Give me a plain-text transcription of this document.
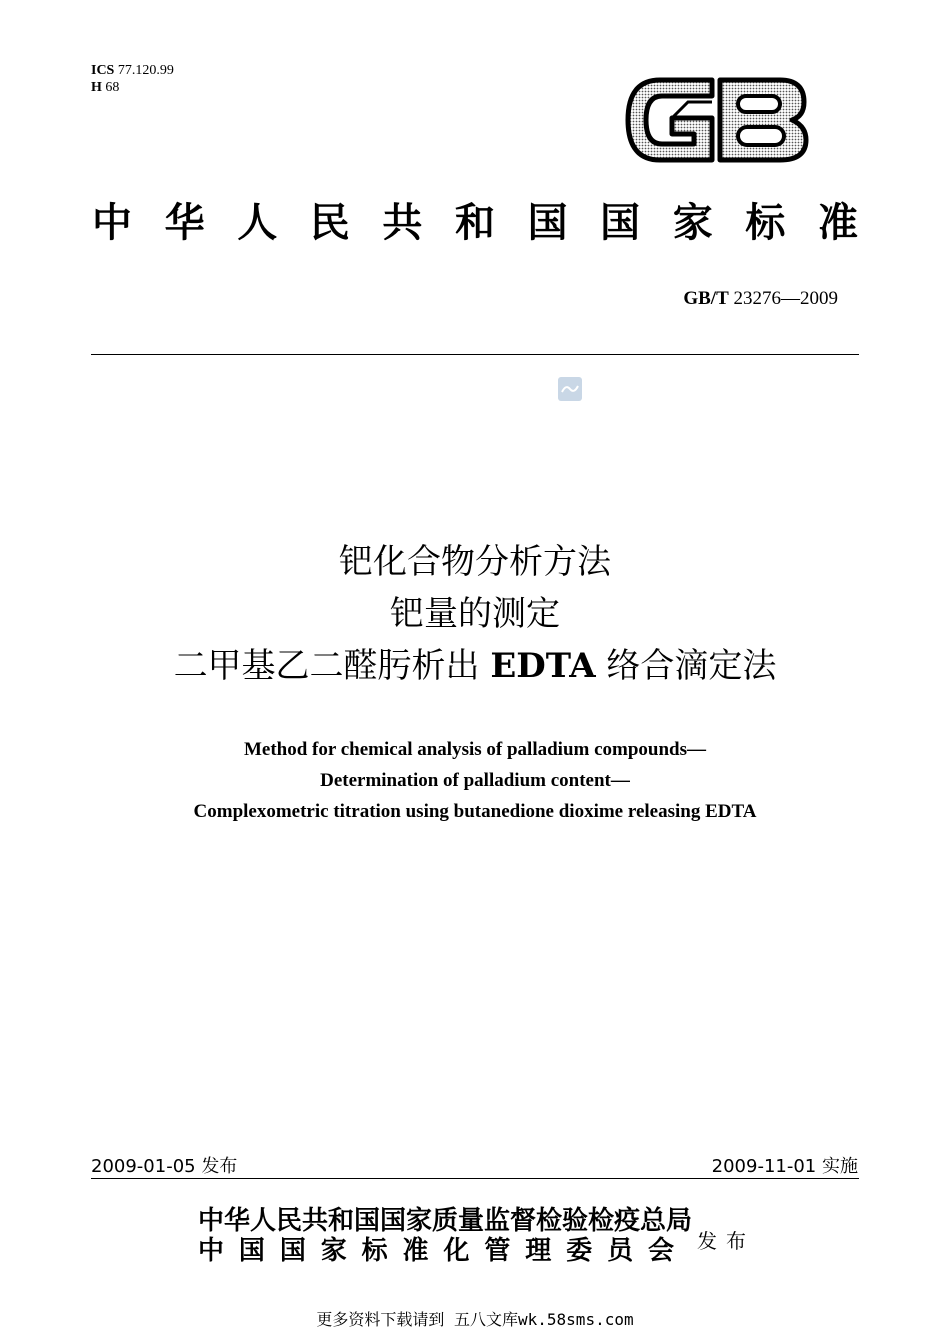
ICS 77.120.99
H 68
GB
中 华 人 民 共 和 国 国 家 标 准
GB/T 23276—2009
钯化合物分析方法
钯量的测定
二甲基乙二醛肟析出 EDTA 络合滴定法
Method for chemical analysis of palladium compounds—
Determination of palladium content—
Complexometric titration using butanedione dioxime releasing EDTA
2009-01-05 发布	2009-11-01 实施
中华人民共和国国家质量监督检验检疫总局
中 国 国 家 标 准 化 管 理 委 员 会 发布
更多资料下载请到 五八文库wk.58sms.com
